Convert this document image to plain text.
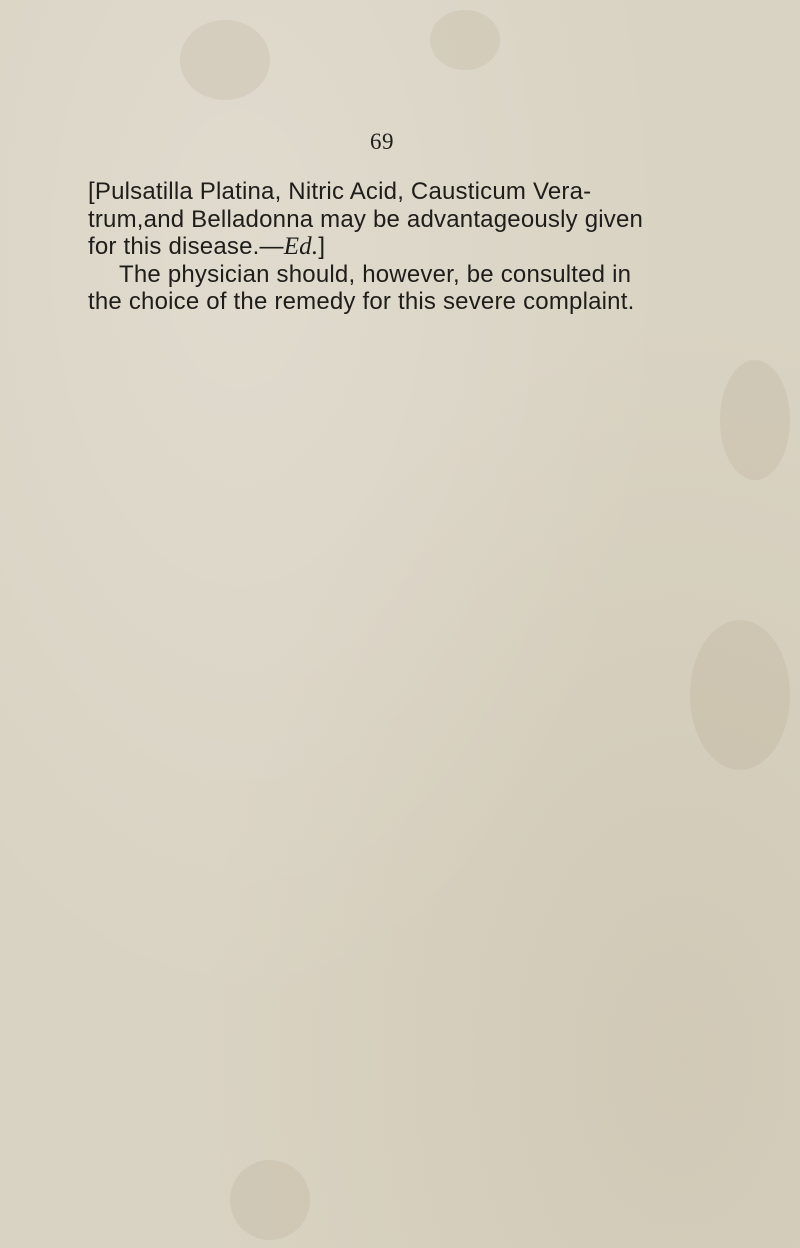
69
[Pulsatilla Platina, Nitric Acid, Causticum Vera-
trum,and Belladonna may be advantageously given
for this disease.—Ed.]
The physician should, however, be consulted in
the choice of the remedy for this severe complaint.
